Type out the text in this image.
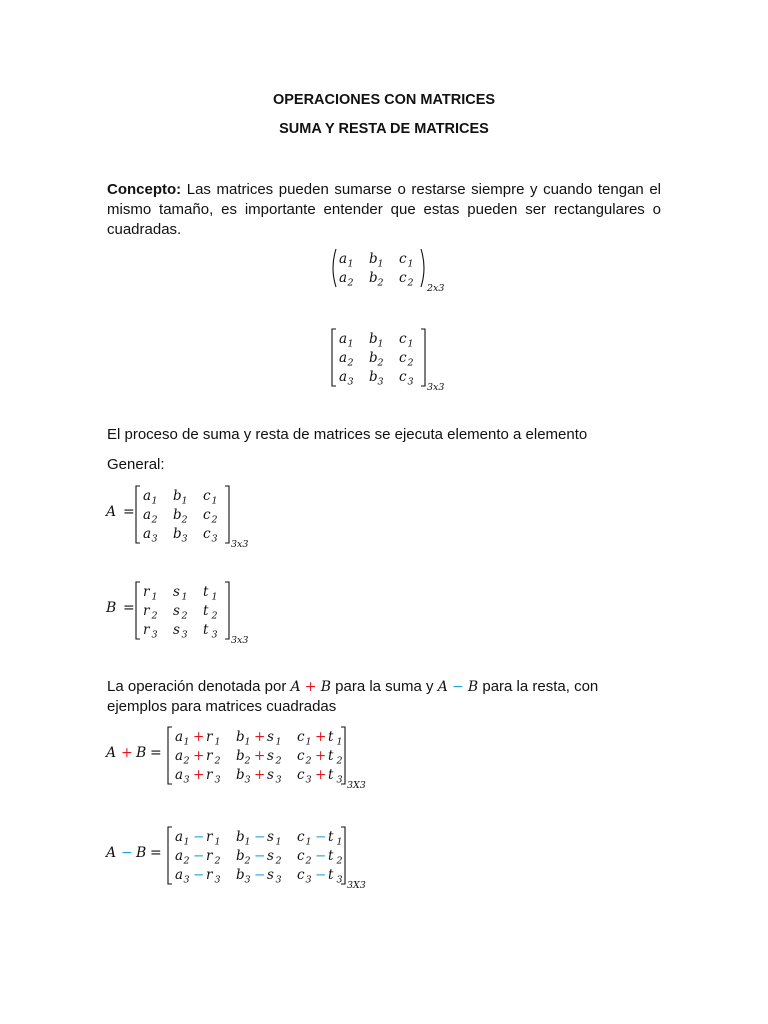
OPERACIONES CON MATRICES
SUMA Y RESTA DE MATRICES
Concepto: Las matrices pueden sumarse o restarse siempre y cuando tengan el mismo tamaño, es importante entender que estas pueden ser rectangulares o cuadradas.
a 1 b 1 c 1
a 2 b 2 c 2 2x3
a 1 b 1 c 1
a 2 b 2 c 2
a 3 b 3 c 3 3x3
El proceso de suma y resta de matrices se ejecuta elemento a elemento
General:
A =
a 1 b 1 c 1
a 2 b 2 c 2
a 3 b 3 c 3 3x3
B =
r 1 s 1 t 1
r 2 s 2 t 2
r 3 s 3 t 3 3x3
La operación denotada por A + B para la suma y A − B para la resta, con ejemplos para matrices cuadradas
A + B =
a 1 + r 1 b 1 + s 1 c 1 + t 1
a 2 + r 2 b 2 + s 2 c 2 + t 2
a 3 + r 3 b 3 + s 3 c 3 + t 3 3X3
A − B =
a 1 − r 1 b 1 − s 1 c 1 − t 1
a 2 − r 2 b 2 − s 2 c 2 − t 2
a 3 − r 3 b 3 − s 3 c 3 − t 3 3X3
